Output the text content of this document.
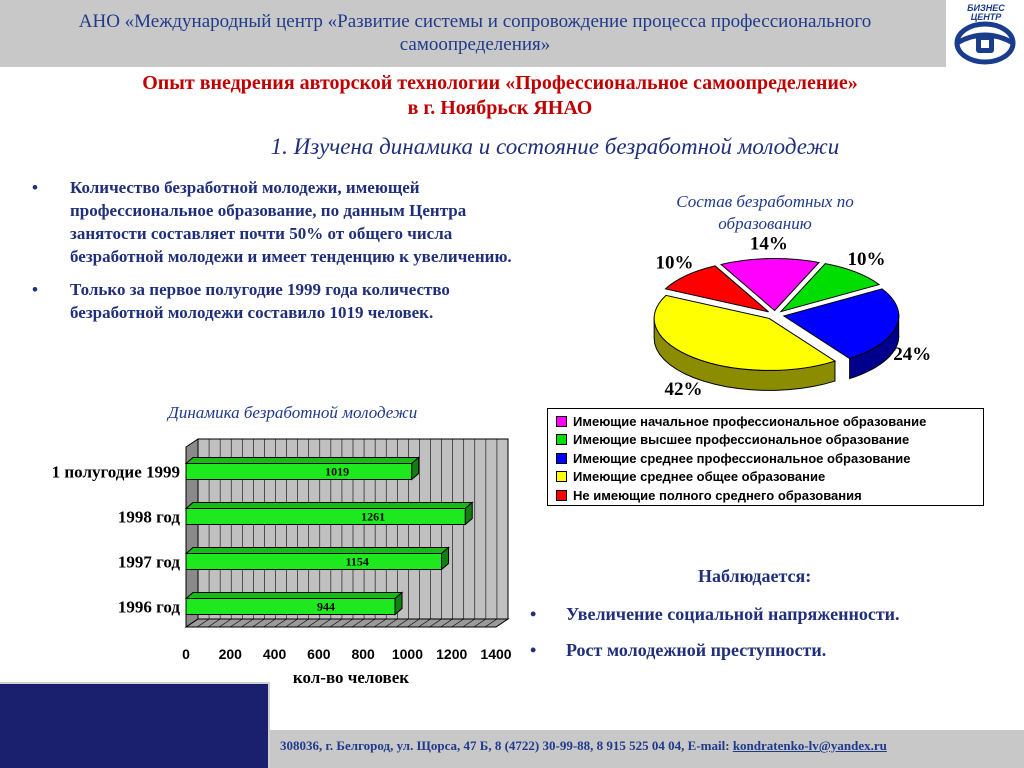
АНО «Международный центр «Развитие системы и сопровождение процесса профессионального самоопределения»
БИЗНЕС ЦЕНТР
Опыт внедрения авторской технологии «Профессиональное самоопределение» в г. Ноябрьск ЯНАО
1. Изучена динамика и состояние безработной молодежи
• Количество безработной молодежи, имеющей профессиональное образование, по данным Центра занятости составляет почти 50% от общего числа безработной молодежи и имеет тенденцию к увеличению.
• Только за первое полугодие 1999 года количество безработной молодежи составило 1019 человек.
Состав безработных по образованию
14%
10%
24%
42%
10%
Имеющие начальное профессиональное образование
Имеющие высшее профессиональное образование
Имеющие среднее профессиональное образование
Имеющие среднее общее образование
Не имеющие полного среднего образования
Динамика безработной молодежи
1019
1 полугодие 1999
1261
1998 год
1154
1997 год
944
1996 год
0 200 400 600 800 1000 1200 1400
кол-во человек
Наблюдается:
• Увеличение социальной напряженности.
• Рост молодежной преступности.
308036, г. Белгород, ул. Щорса, 47 Б, 8 (4722) 30-99-88, 8 915 525 04 04, E-mail: kondratenko-lv@yandex.ru
